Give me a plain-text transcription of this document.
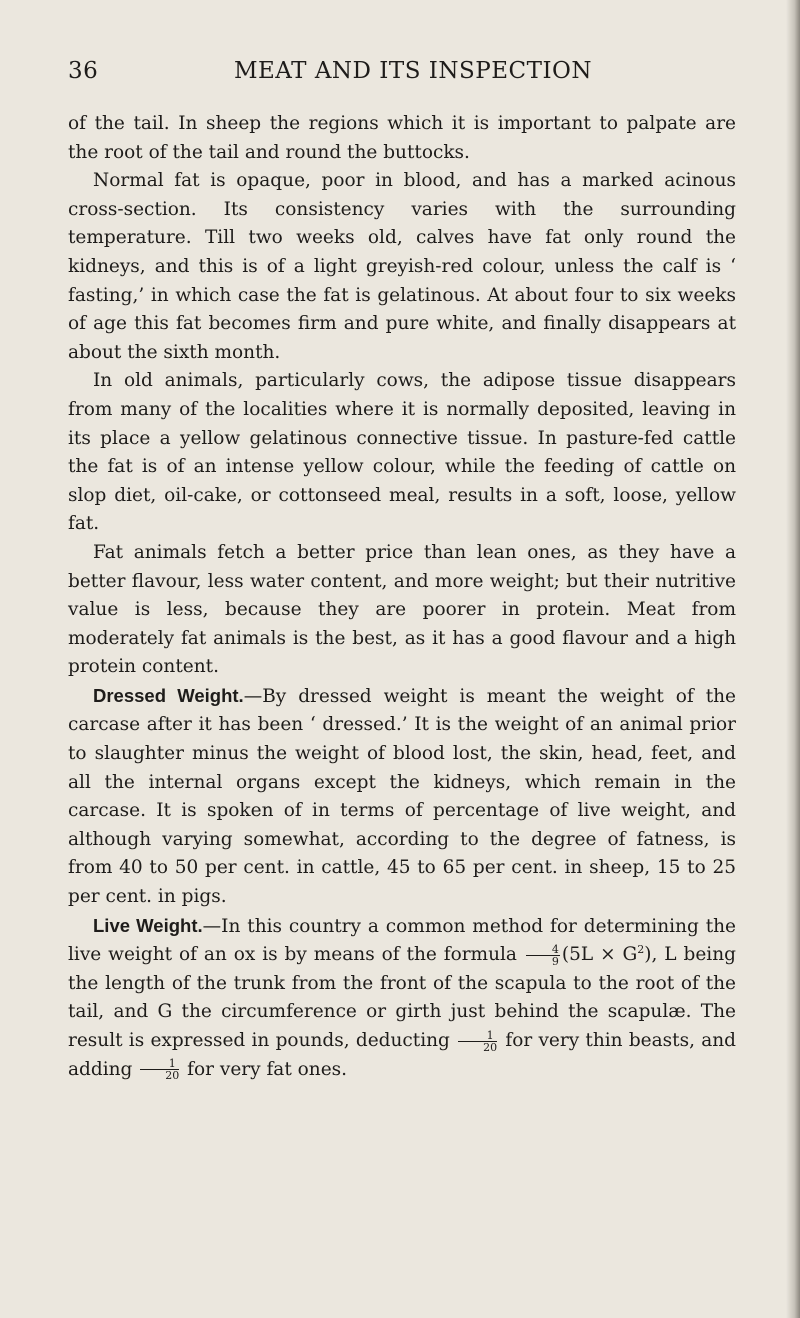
36	MEAT AND ITS INSPECTION

of the tail. In sheep the regions which it is important to palpate are the root of the tail and round the buttocks.

Normal fat is opaque, poor in blood, and has a marked acinous cross-section. Its consistency varies with the surrounding temperature. Till two weeks old, calves have fat only round the kidneys, and this is of a light greyish-red colour, unless the calf is ‘ fasting,’ in which case the fat is gelatinous. At about four to six weeks of age this fat becomes firm and pure white, and finally disappears at about the sixth month.

In old animals, particularly cows, the adipose tissue disappears from many of the localities where it is normally deposited, leaving in its place a yellow gelatinous connective tissue. In pasture-fed cattle the fat is of an intense yellow colour, while the feeding of cattle on slop diet, oil-cake, or cottonseed meal, results in a soft, loose, yellow fat.

Fat animals fetch a better price than lean ones, as they have a better flavour, less water content, and more weight; but their nutritive value is less, because they are poorer in protein. Meat from moderately fat animals is the best, as it has a good flavour and a high protein content.

Dressed Weight.—By dressed weight is meant the weight of the carcase after it has been ‘ dressed.’ It is the weight of an animal prior to slaughter minus the weight of blood lost, the skin, head, feet, and all the internal organs except the kidneys, which remain in the carcase. It is spoken of in terms of percentage of live weight, and although varying somewhat, according to the degree of fatness, is from 40 to 50 per cent. in cattle, 45 to 65 per cent. in sheep, 15 to 25 per cent. in pigs.

Live Weight.—In this country a common method for determining the live weight of an ox is by means of the formula $\frac{4}{9} (5L \times G^2)$, L being the length of the trunk from the front of the scapula to the root of the tail, and G the circumference or girth just behind the scapulæ. The result is expressed in pounds, deducting $\frac{1}{20}$ for very thin beasts, and adding $\frac{1}{20}$ for very fat ones.
